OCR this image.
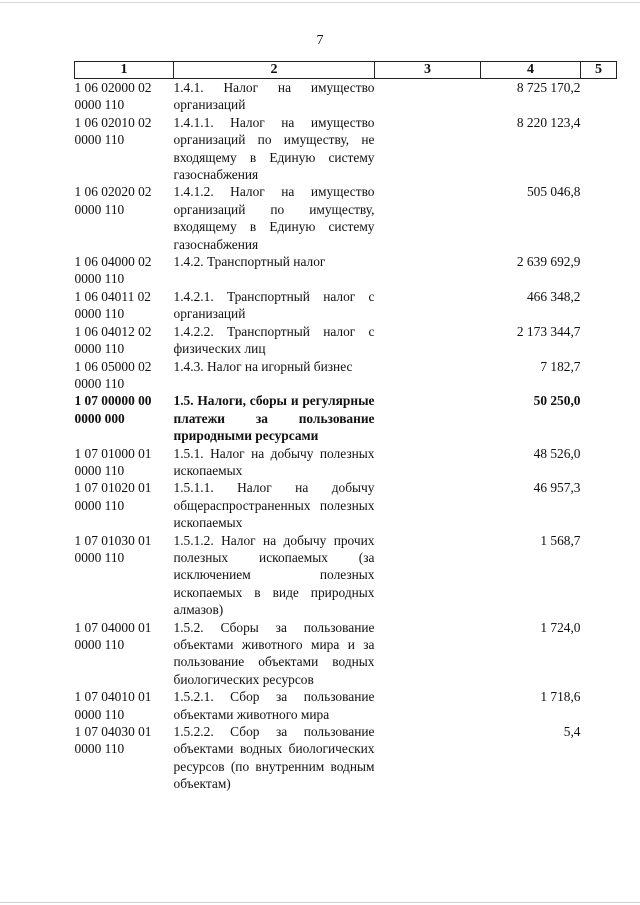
7
1	2	3	4	5

1 06 02000 02
0000 110	1.4.1. Налог на имущество организаций		8 725 170,2	

1 06 02010 02
0000 110	1.4.1.1. Налог на имущество организаций по имуществу, не входящему в Единую систему газоснабжения		8 220 123,4	

1 06 02020 02
0000 110	1.4.1.2. Налог на имущество организаций по имуществу, входящему в Единую систему газоснабжения		505 046,8	

1 06 04000 02
0000 110	1.4.2. Транспортный налог		2 639 692,9	

1 06 04011 02
0000 110	1.4.2.1. Транспортный налог с организаций		466 348,2	

1 06 04012 02
0000 110	1.4.2.2. Транспортный налог с физических лиц		2 173 344,7	

1 06 05000 02
0000 110	1.4.3. Налог на игорный бизнес		7 182,7	

1 07 00000 00
0000 000	1.5. Налоги, сборы и регулярные платежи за пользование природными ресурсами		50 250,0	

1 07 01000 01
0000 110	1.5.1. Налог на добычу полезных ископаемых		48 526,0	

1 07 01020 01
0000 110	1.5.1.1. Налог на добычу общераспространенных полезных ископаемых		46 957,3	

1 07 01030 01
0000 110	1.5.1.2. Налог на добычу прочих полезных ископаемых (за исключением полезных ископаемых в виде природных алмазов)		1 568,7	

1 07 04000 01
0000 110	1.5.2. Сборы за пользование объектами животного мира и за пользование объектами водных биологических ресурсов		1 724,0	

1 07 04010 01
0000 110	1.5.2.1. Сбор за пользование объектами животного мира		1 718,6	

1 07 04030 01
0000 110	1.5.2.2. Сбор за пользование объектами водных биологических ресурсов (по внутренним водным объектам)		5,4	
